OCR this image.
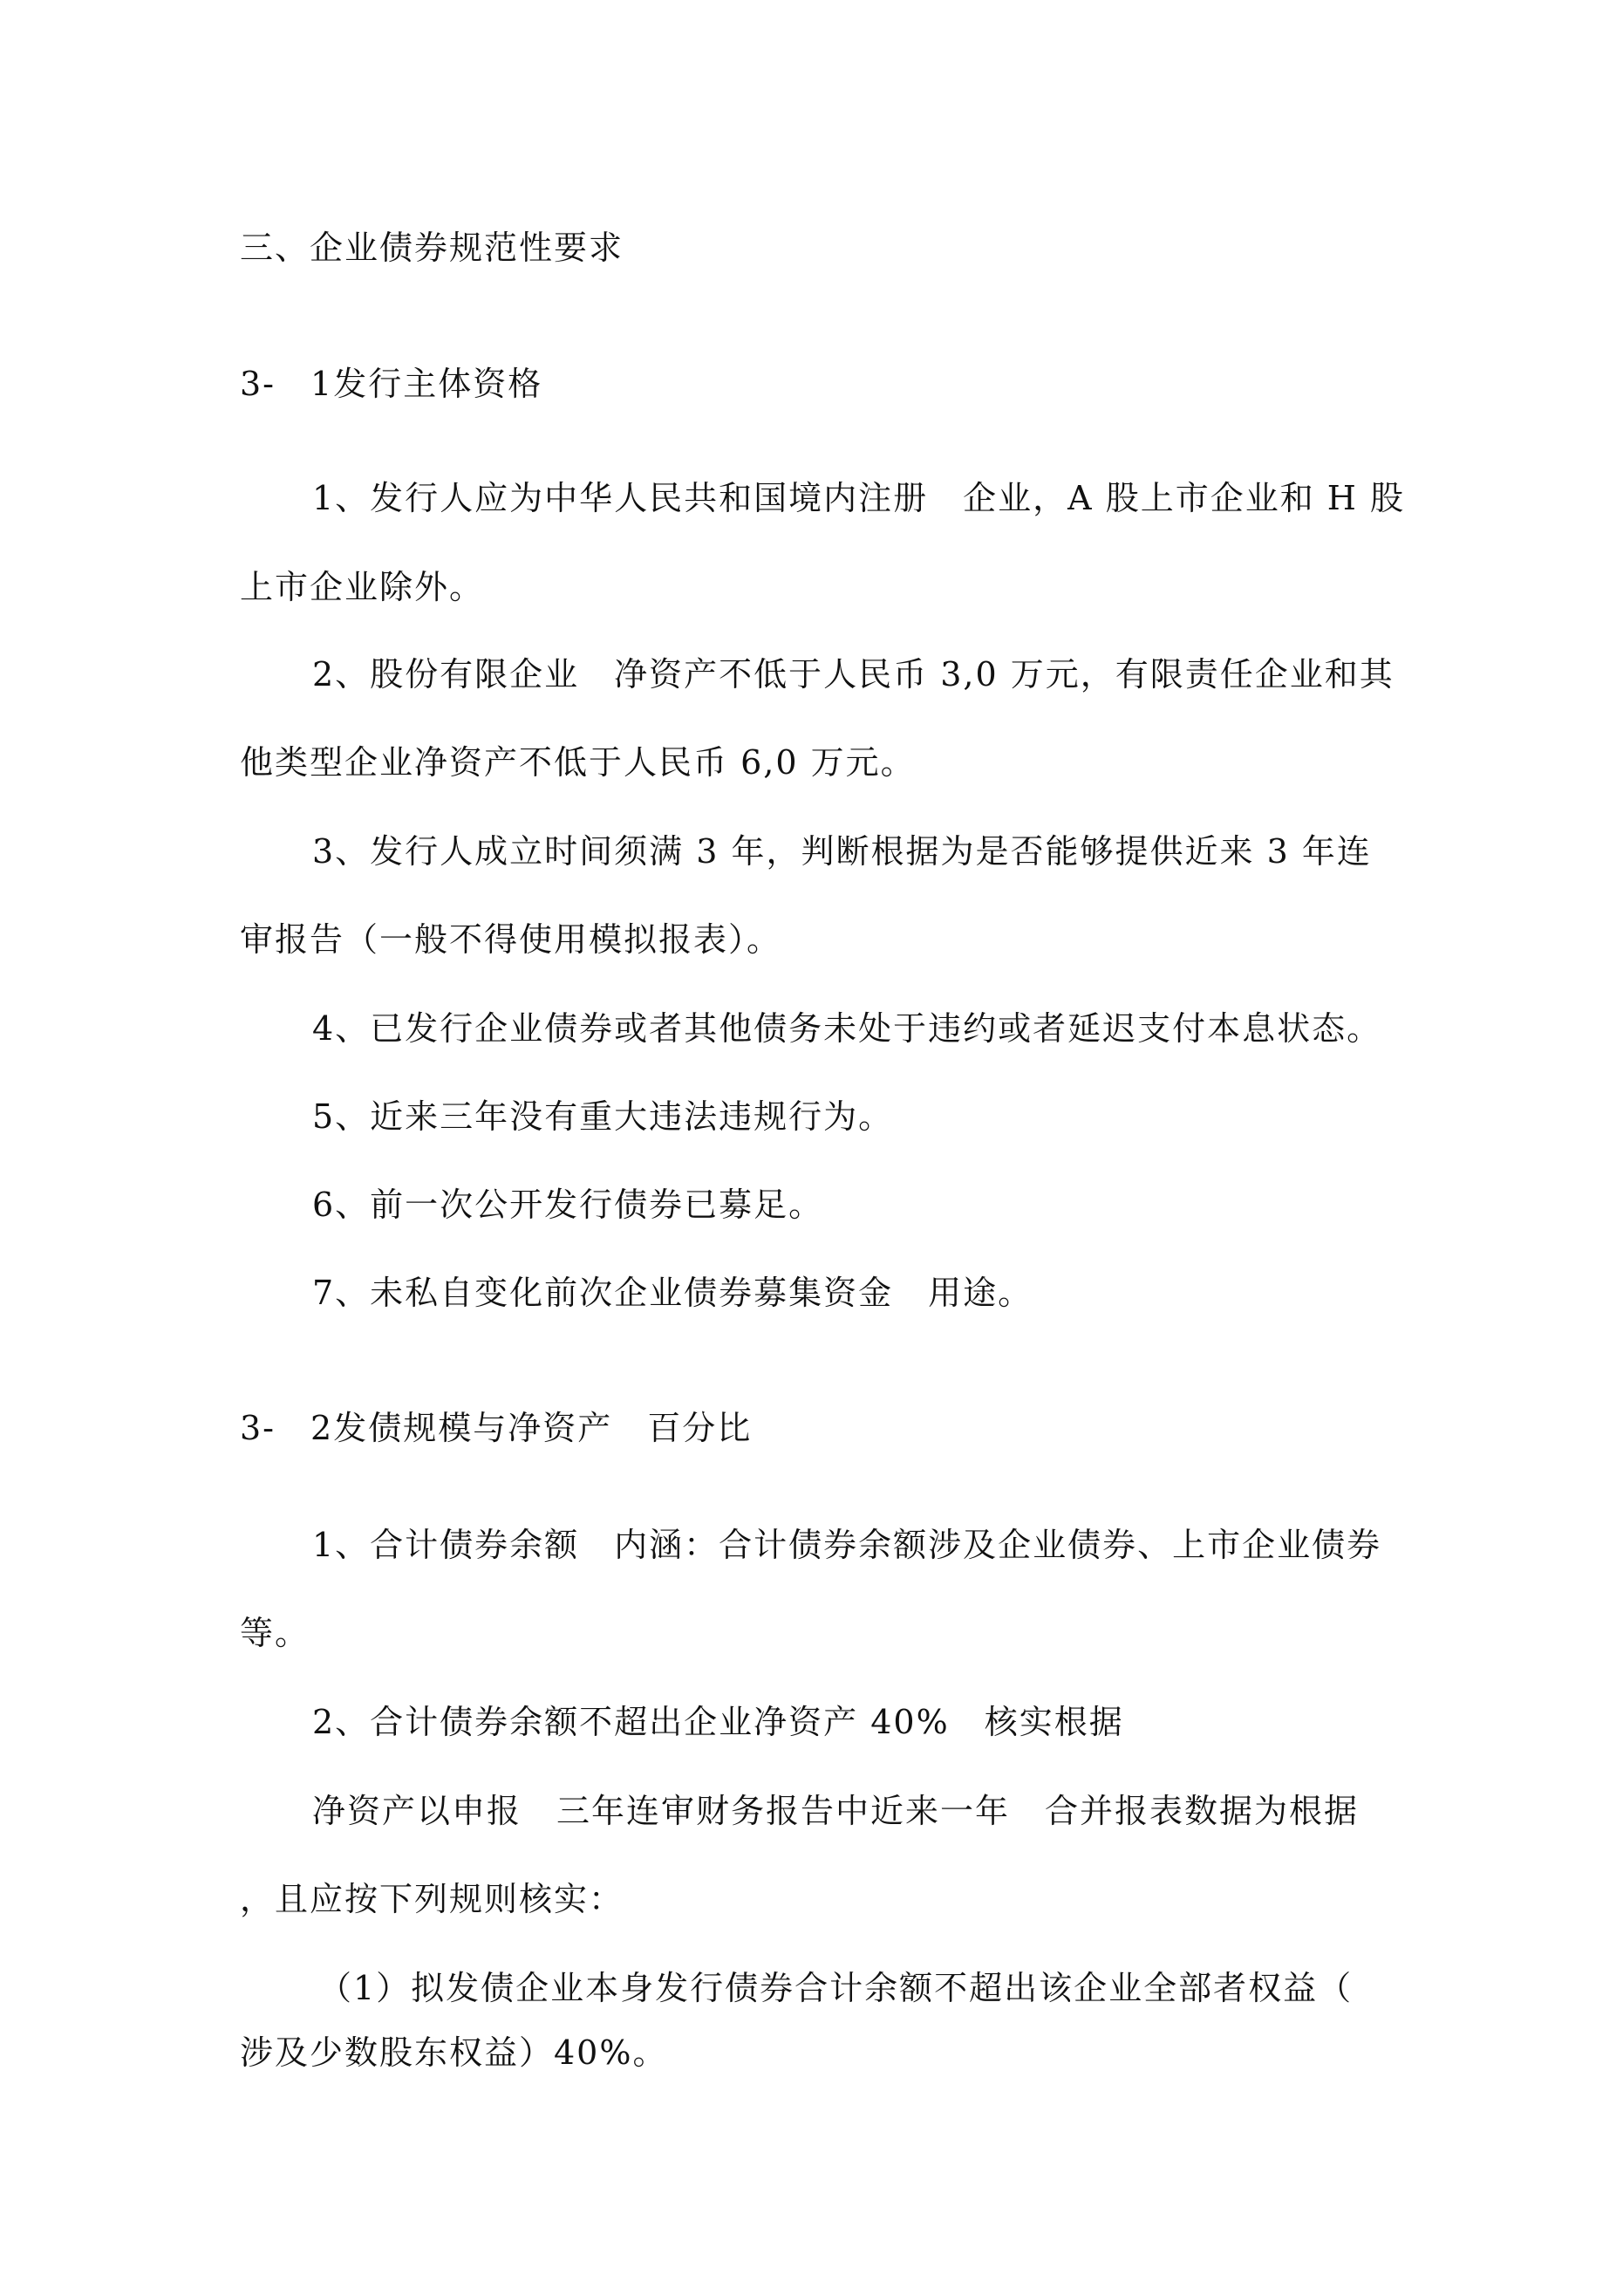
三、企业债券规范性要求
3-　1发行主体资格
1、发行人应为中华人民共和国境内注册　企业，A 股上市企业和 H 股
上市企业除外。
2、股份有限企业　净资产不低于人民币 3,0 万元，有限责任企业和其
他类型企业净资产不低于人民币 6,0 万元。
3、发行人成立时间须满 3 年，判断根据为是否能够提供近来 3 年连
审报告（一般不得使用模拟报表）。
4、已发行企业债券或者其他债务未处于违约或者延迟支付本息状态。
5、近来三年没有重大违法违规行为。
6、前一次公开发行债券已募足。
7、未私自变化前次企业债券募集资金　用途。
3-　2发债规模与净资产　百分比
1、合计债券余额　内涵：合计债券余额涉及企业债券、上市企业债券
等。
2、合计债券余额不超出企业净资产 40%　核实根据
净资产以申报　三年连审财务报告中近来一年　合并报表数据为根据
，且应按下列规则核实：
（1）拟发债企业本身发行债券合计余额不超出该企业全部者权益（
涉及少数股东权益）40%。
